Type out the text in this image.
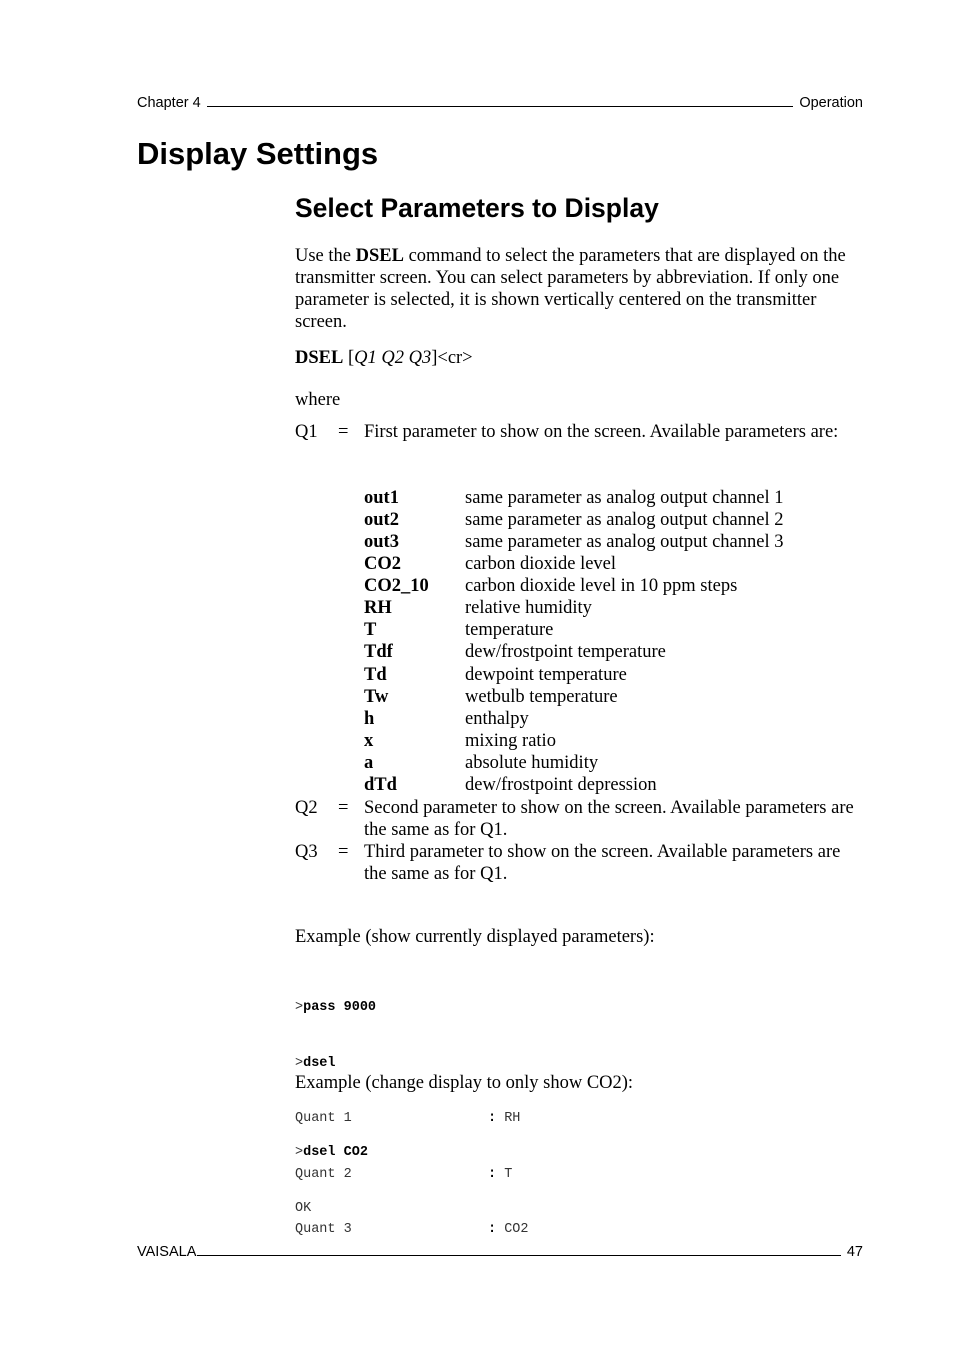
Chapter 4	Operation
Display Settings
Select Parameters to Display

Use the DSEL command to select the parameters that are displayed on the transmitter screen. You can select parameters by abbreviation. If only one parameter is selected, it is shown vertically centered on the transmitter screen.

DSEL [Q1 Q2 Q3]<cr>

where

Q1 = First parameter to show on the screen. Available parameters are:
out1	same parameter as analog output channel 1
out2	same parameter as analog output channel 2
out3	same parameter as analog output channel 3
CO2	carbon dioxide level
CO2_10 carbon dioxide level in 10 ppm steps
RH	relative humidity
T	temperature
Tdf	dew/frostpoint temperature
Td	dewpoint temperature
Tw	wetbulb temperature
h	enthalpy
x	mixing ratio
a	absolute humidity
dTd	dew/frostpoint depression
Q2 = Second parameter to show on the screen. Available parameters are the same as for Q1.
Q3 = Third parameter to show on the screen. Available parameters are the same as for Q1.

Example (show currently displayed parameters):

>pass 9000

>dsel

Quant 1	: RH

Quant 2	: T

Quant 3	: CO2

Example (change display to only show CO2):

>dsel CO2

OK

VAISALA	47
